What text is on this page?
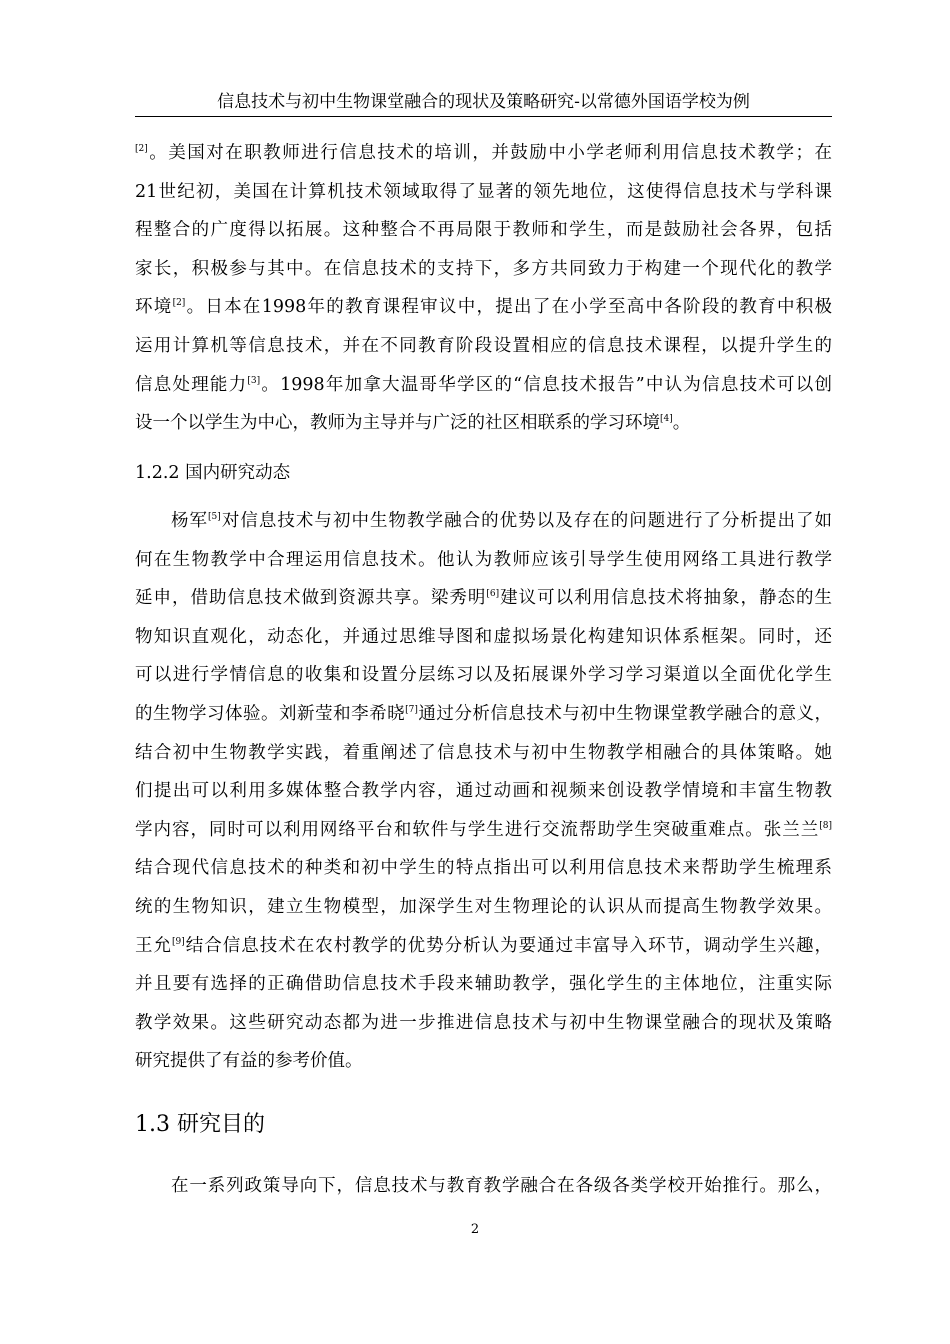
信息技术与初中生物课堂融合的现状及策略研究-以常德外国语学校为例
[2]。美国对在职教师进行信息技术的培训，并鼓励中小学老师利用信息技术教学；在
21世纪初，美国在计算机技术领域取得了显著的领先地位，这使得信息技术与学科课
程整合的广度得以拓展。这种整合不再局限于教师和学生，而是鼓励社会各界，包括
家长，积极参与其中。在信息技术的支持下，多方共同致力于构建一个现代化的教学
环境[2]。日本在1998年的教育课程审议中，提出了在小学至高中各阶段的教育中积极
运用计算机等信息技术，并在不同教育阶段设置相应的信息技术课程，以提升学生的
信息处理能力[3]。1998年加拿大温哥华学区的“信息技术报告”中认为信息技术可以创
设一个以学生为中心，教师为主导并与广泛的社区相联系的学习环境[4]。
1.2.2 国内研究动态
杨军[5]对信息技术与初中生物教学融合的优势以及存在的问题进行了分析提出了如
何在生物教学中合理运用信息技术。他认为教师应该引导学生使用网络工具进行教学
延申，借助信息技术做到资源共享。梁秀明[6]建议可以利用信息技术将抽象，静态的生
物知识直观化，动态化，并通过思维导图和虚拟场景化构建知识体系框架。同时，还
可以进行学情信息的收集和设置分层练习以及拓展课外学习学习渠道以全面优化学生
的生物学习体验。刘新莹和李希晓[7]通过分析信息技术与初中生物课堂教学融合的意义，
结合初中生物教学实践，着重阐述了信息技术与初中生物教学相融合的具体策略。她
们提出可以利用多媒体整合教学内容，通过动画和视频来创设教学情境和丰富生物教
学内容，同时可以利用网络平台和软件与学生进行交流帮助学生突破重难点。张兰兰[8]
结合现代信息技术的种类和初中学生的特点指出可以利用信息技术来帮助学生梳理系
统的生物知识，建立生物模型，加深学生对生物理论的认识从而提高生物教学效果。
王允[9]结合信息技术在农村教学的优势分析认为要通过丰富导入环节，调动学生兴趣，
并且要有选择的正确借助信息技术手段来辅助教学，强化学生的主体地位，注重实际
教学效果。这些研究动态都为进一步推进信息技术与初中生物课堂融合的现状及策略
研究提供了有益的参考价值。
1.3 研究目的
在一系列政策导向下，信息技术与教育教学融合在各级各类学校开始推行。那么，
2
